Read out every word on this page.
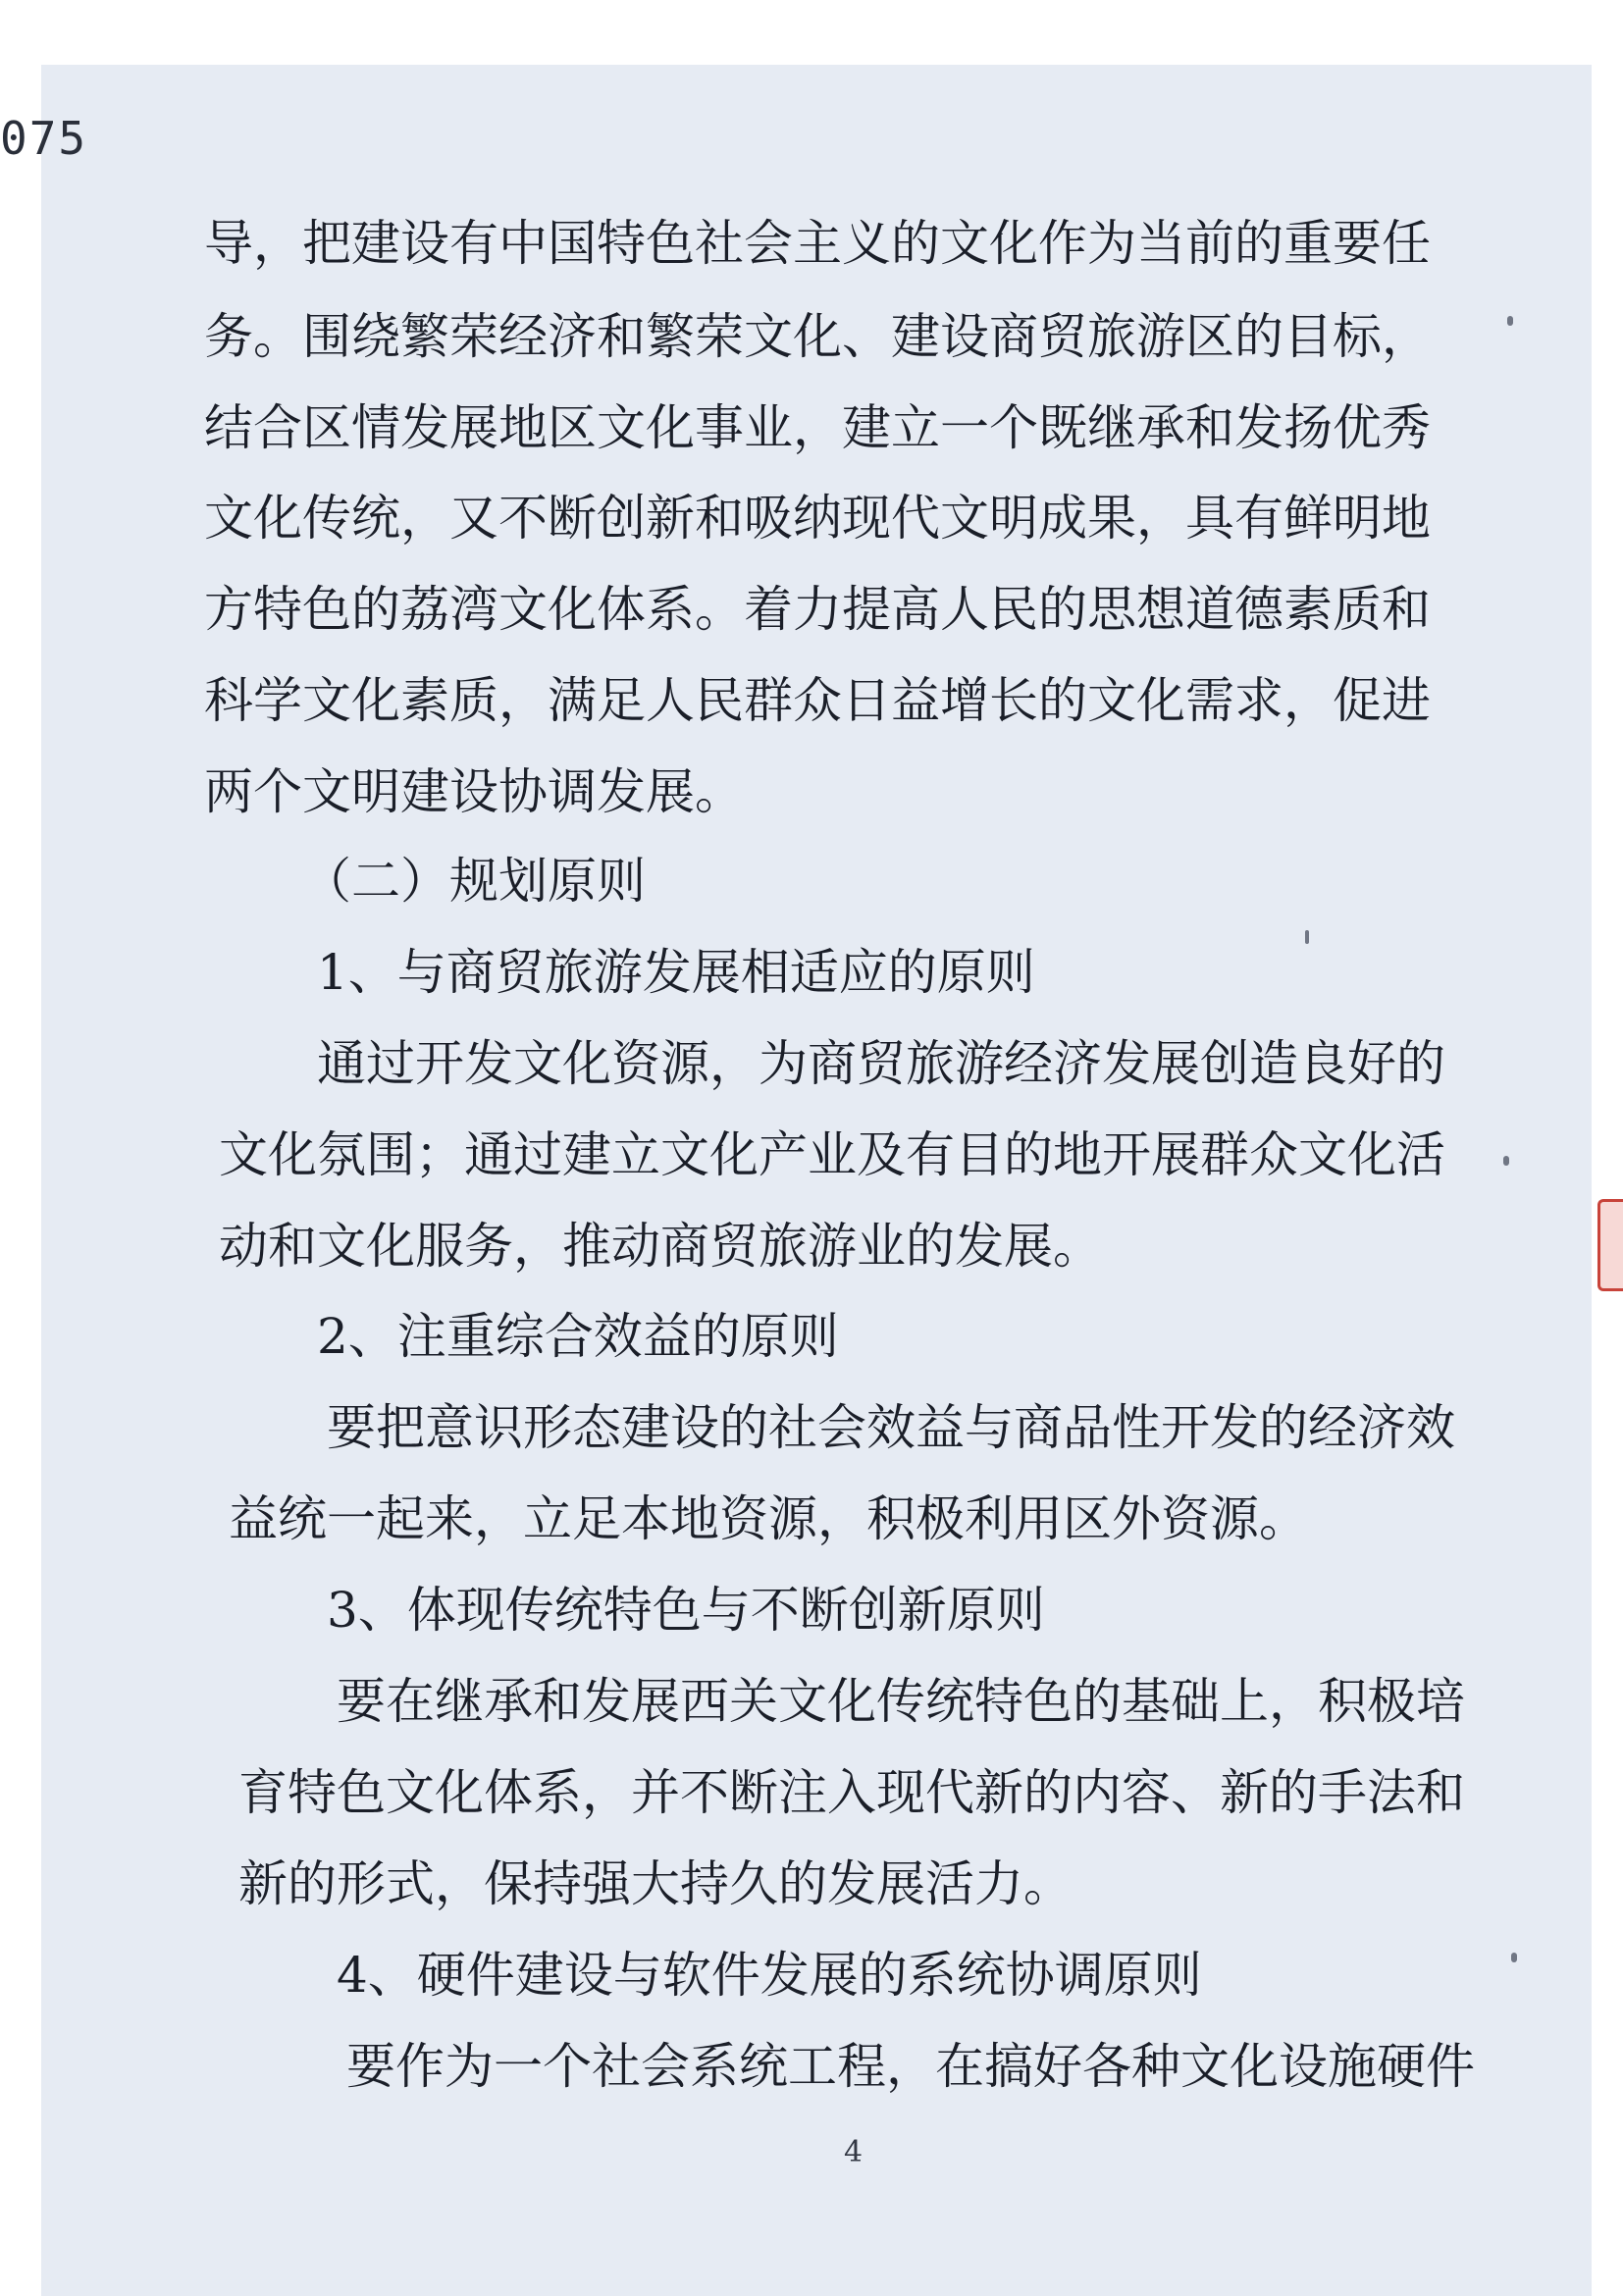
075
导，把建设有中国特色社会主义的文化作为当前的重要任
务。围绕繁荣经济和繁荣文化、建设商贸旅游区的目标，
结合区情发展地区文化事业，建立一个既继承和发扬优秀
文化传统，又不断创新和吸纳现代文明成果，具有鲜明地
方特色的荔湾文化体系。着力提高人民的思想道德素质和
科学文化素质，满足人民群众日益增长的文化需求，促进
两个文明建设协调发展。
（二）规划原则
1、与商贸旅游发展相适应的原则
通过开发文化资源，为商贸旅游经济发展创造良好的
文化氛围；通过建立文化产业及有目的地开展群众文化活
动和文化服务，推动商贸旅游业的发展。
2、注重综合效益的原则
要把意识形态建设的社会效益与商品性开发的经济效
益统一起来，立足本地资源，积极利用区外资源。
3、体现传统特色与不断创新原则
要在继承和发展西关文化传统特色的基础上，积极培
育特色文化体系，并不断注入现代新的内容、新的手法和
新的形式，保持强大持久的发展活力。
4、硬件建设与软件发展的系统协调原则
要作为一个社会系统工程，在搞好各种文化设施硬件
4
